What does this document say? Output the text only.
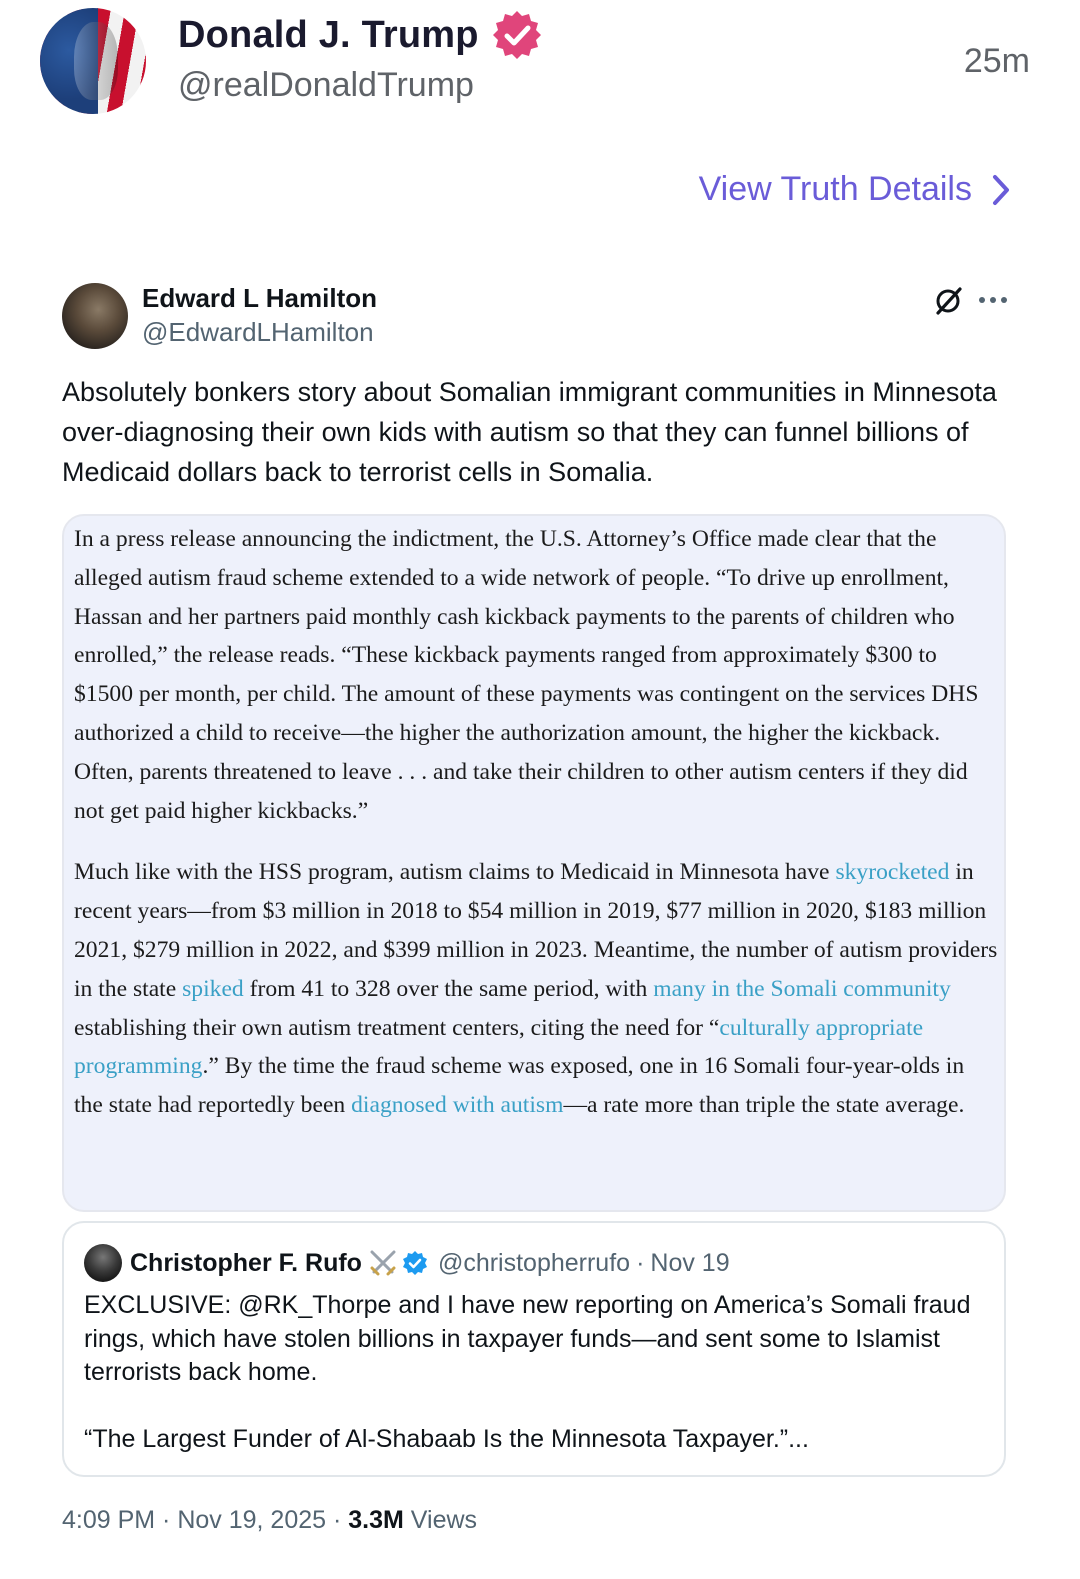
Donald J. Trump
@realDonaldTrump
25m
View Truth Details
Edward L Hamilton
@EdwardLHamilton
Absolutely bonkers story about Somalian immigrant communities in Minnesota over-diagnosing their own kids with autism so that they can funnel billions of Medicaid dollars back to terrorist cells in Somalia.

In a press release announcing the indictment, the U.S. Attorney’s Office made clear that the alleged autism fraud scheme extended to a wide network of people. “To drive up enrollment, Hassan and her partners paid monthly cash kickback payments to the parents of children who enrolled,” the release reads. “These kickback payments ranged from approximately $300 to $1500 per month, per child. The amount of these payments was contingent on the services DHS authorized a child to receive—the higher the authorization amount, the higher the kickback. Often, parents threatened to leave . . . and take their children to other autism centers if they did not get paid higher kickbacks.”

Much like with the HSS program, autism claims to Medicaid in Minnesota have skyrocketed in recent years—from $3 million in 2018 to $54 million in 2019, $77 million in 2020, $183 million 2021, $279 million in 2022, and $399 million in 2023. Meantime, the number of autism providers in the state spiked from 41 to 328 over the same period, with many in the Somali community establishing their own autism treatment centers, citing the need for “culturally appropriate programming.” By the time the fraud scheme was exposed, one in 16 Somali four-year-olds in the state had reportedly been diagnosed with autism—a rate more than triple the state average.

Christopher F. Rufo	@christopherrufo · Nov 19

EXCLUSIVE: @RK_Thorpe and I have new reporting on America’s Somali fraud rings, which have stolen billions in taxpayer funds—and sent some to Islamist terrorists back home.

“The Largest Funder of Al-Shabaab Is the Minnesota Taxpayer.”...

4:09 PM · Nov 19, 2025 · 3.3M Views
